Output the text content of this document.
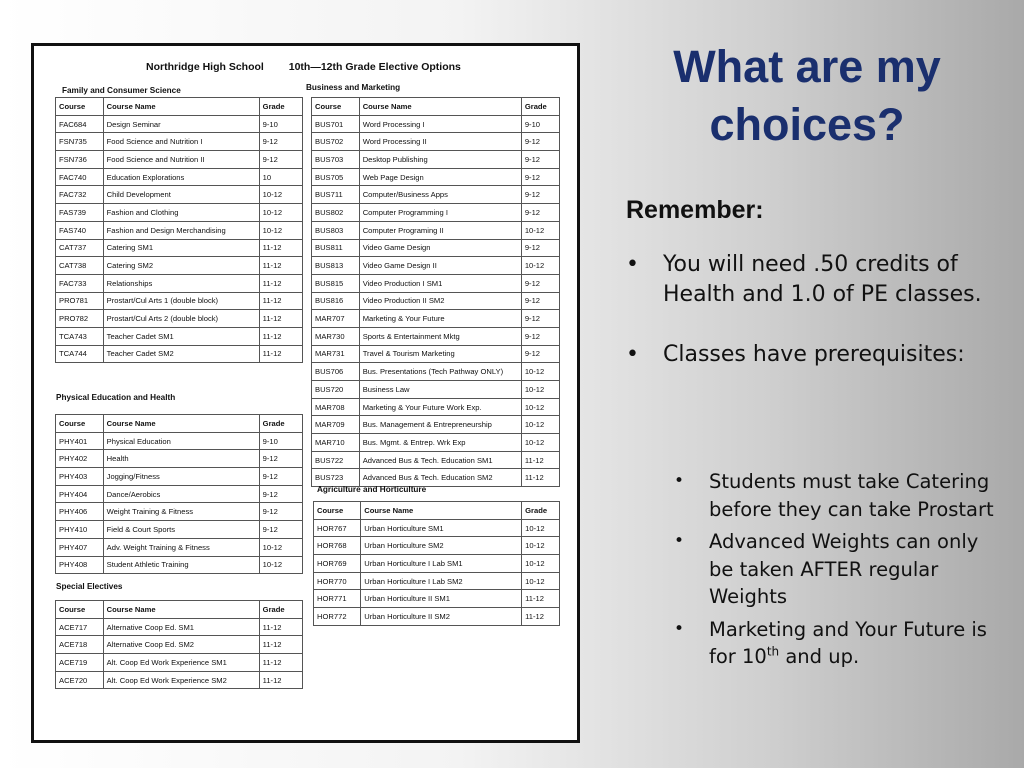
Northridge High School 10th—12th Grade Elective Options
Family and Consumer Science
Course	Course Name	Grade
FAC684	Design Seminar	9-10
FSN735	Food Science and Nutrition I	9-12
FSN736	Food Science and Nutrition II	9-12
FAC740	Education Explorations	10
FAC732	Child Development	10-12
FAS739	Fashion and Clothing	10-12
FAS740	Fashion and Design Merchandising	10-12
CAT737	Catering SM1	11-12
CAT738	Catering SM2	11-12
FAC733	Relationships	11-12
PRO781	Prostart/Cul Arts 1 (double block)	11-12
PRO782	Prostart/Cul Arts 2 (double block)	11-12
TCA743	Teacher Cadet SM1	11-12
TCA744	Teacher Cadet SM2	11-12
Physical Education and Health
Course	Course Name	Grade
PHY401	Physical Education	9-10
PHY402	Health	9-12
PHY403	Jogging/Fitness	9-12
PHY404	Dance/Aerobics	9-12
PHY406	Weight Training & Fitness	9-12
PHY410	Field & Court Sports	9-12
PHY407	Adv. Weight Training & Fitness	10-12
PHY408	Student Athletic Training	10-12
Special Electives
Course	Course Name	Grade
ACE717	Alternative Coop Ed. SM1	11-12
ACE718	Alternative Coop Ed. SM2	11-12
ACE719	Alt. Coop Ed Work Experience SM1	11-12
ACE720	Alt. Coop Ed Work Experience SM2	11-12
Business and Marketing
Course	Course Name	Grade
BUS701	Word Processing I	9-10
BUS702	Word Processing II	9-12
BUS703	Desktop Publishing	9-12
BUS705	Web Page Design	9-12
BUS711	Computer/Business Apps	9-12
BUS802	Computer Programming I	9-12
BUS803	Computer Programing II	10-12
BUS811	Video Game Design	9-12
BUS813	Video Game Design II	10-12
BUS815	Video Production I SM1	9-12
BUS816	Video Production II SM2	9-12
MAR707	Marketing & Your Future	9-12
MAR730	Sports & Entertainment Mktg	9-12
MAR731	Travel & Tourism Marketing	9-12
BUS706	Bus. Presentations (Tech Pathway ONLY)	10-12
BUS720	Business Law	10-12
MAR708	Marketing & Your Future Work Exp.	10-12
MAR709	Bus. Management & Entrepreneurship	10-12
MAR710	Bus. Mgmt. & Entrep. Wrk Exp	10-12
BUS722	Advanced Bus & Tech. Education SM1	11-12
BUS723	Advanced Bus & Tech. Education SM2	11-12
Agriculture and Horticulture
Course	Course Name	Grade
HOR767	Urban Horticulture SM1	10-12
HOR768	Urban Horticulture SM2	10-12
HOR769	Urban Horticulture I Lab SM1	10-12
HOR770	Urban Horticulture I Lab SM2	10-12
HOR771	Urban Horticulture II SM1	11-12
HOR772	Urban Horticulture II SM2	11-12
What are my choices?

Remember:

• You will need .50 credits of Health and 1.0 of PE classes.
• Classes have prerequisites:
• Students must take Catering before they can take Prostart
• Advanced Weights can only be taken AFTER regular Weights
• Marketing and Your Future is for 10th and up.
